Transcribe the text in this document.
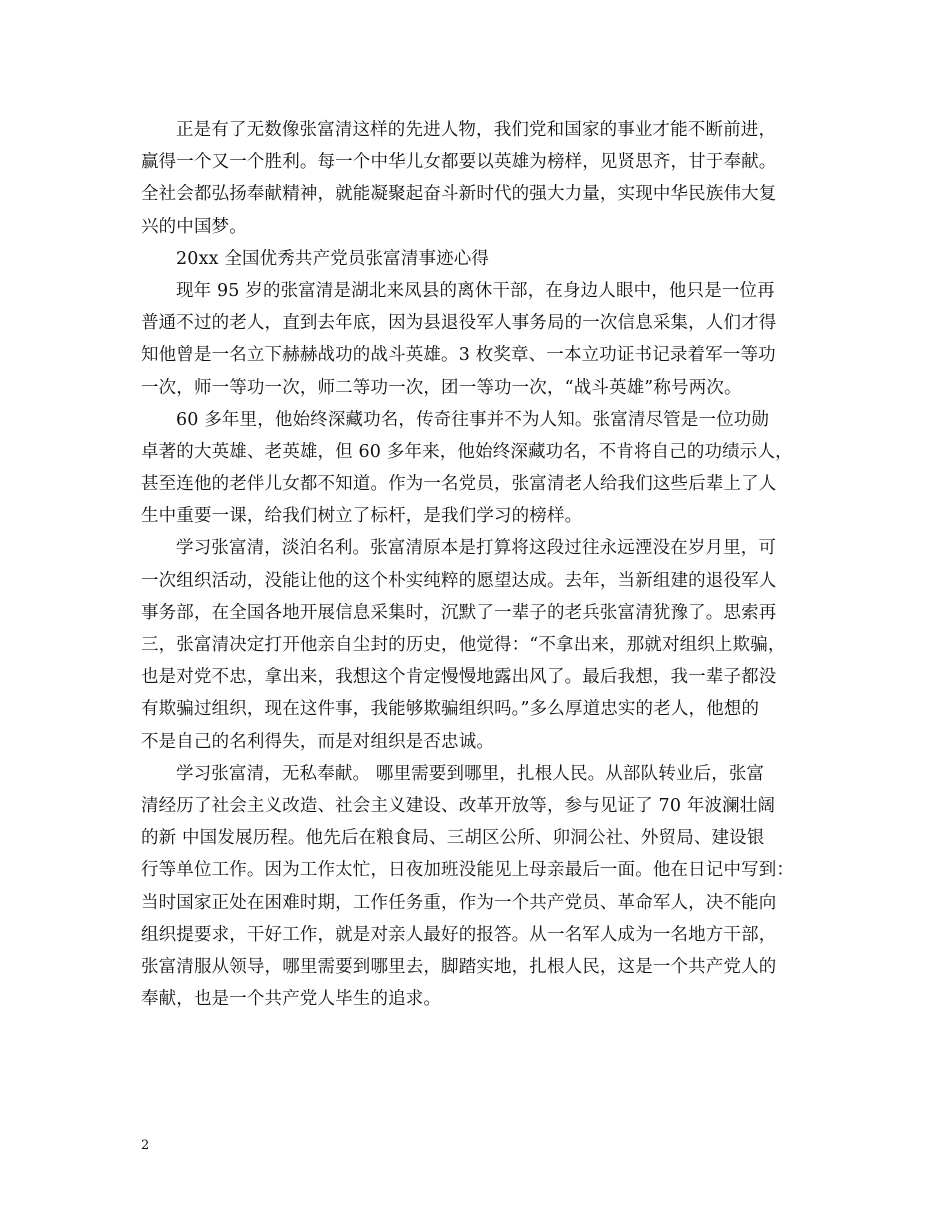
正是有了无数像张富清这样的先进人物，我们党和国家的事业才能不断前进，
赢得一个又一个胜利。每一个中华儿女都要以英雄为榜样，见贤思齐，甘于奉献。
全社会都弘扬奉献精神，就能凝聚起奋斗新时代的强大力量，实现中华民族伟大复
兴的中国梦。
20xx 全国优秀共产党员张富清事迹心得
现年 95 岁的张富清是湖北来凤县的离休干部，在身边人眼中，他只是一位再
普通不过的老人，直到去年底，因为县退役军人事务局的一次信息采集，人们才得
知他曾是一名立下赫赫战功的战斗英雄。3 枚奖章、一本立功证书记录着军一等功
一次，师一等功一次，师二等功一次，团一等功一次，“战斗英雄”称号两次。
60 多年里，他始终深藏功名，传奇往事并不为人知。张富清尽管是一位功勋
卓著的大英雄、老英雄，但 60 多年来，他始终深藏功名，不肯将自己的功绩示人，
甚至连他的老伴儿女都不知道。作为一名党员，张富清老人给我们这些后辈上了人
生中重要一课，给我们树立了标杆，是我们学习的榜样。
学习张富清，淡泊名利。张富清原本是打算将这段过往永远湮没在岁月里，可
一次组织活动，没能让他的这个朴实纯粹的愿望达成。去年，当新组建的退役军人
事务部，在全国各地开展信息采集时，沉默了一辈子的老兵张富清犹豫了。思索再
三，张富清决定打开他亲自尘封的历史，他觉得：“不拿出来，那就对组织上欺骗，
也是对党不忠，拿出来，我想这个肯定慢慢地露出风了。最后我想，我一辈子都没
有欺骗过组织，现在这件事，我能够欺骗组织吗。”多么厚道忠实的老人，他想的
不是自己的名利得失，而是对组织是否忠诚。
学习张富清，无私奉献。 哪里需要到哪里，扎根人民。从部队转业后，张富
清经历了社会主义改造、社会主义建设、改革开放等，参与见证了 70 年波澜壮阔
的新 中国发展历程。他先后在粮食局、三胡区公所、卯洞公社、外贸局、建设银
行等单位工作。因为工作太忙，日夜加班没能见上母亲最后一面。他在日记中写到：
当时国家正处在困难时期，工作任务重，作为一个共产党员、革命军人，决不能向
组织提要求，干好工作，就是对亲人最好的报答。从一名军人成为一名地方干部，
张富清服从领导，哪里需要到哪里去，脚踏实地，扎根人民，这是一个共产党人的
奉献，也是一个共产党人毕生的追求。
2
